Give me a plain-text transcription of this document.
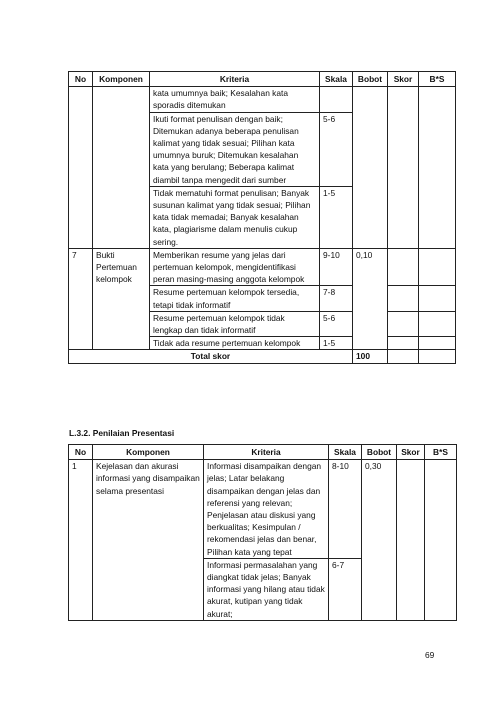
No	Komponen	Kriteria	Skala	Bobot	Skor	B*S
		kata umumnya baik; Kesalahan kata sporadis ditemukan				
		Ikuti format penulisan dengan baik; Ditemukan adanya beberapa penulisan kalimat yang tidak sesuai; Pilihan kata umumnya buruk; Ditemukan kesalahan kata yang berulang; Beberapa kalimat diambil tanpa mengedit dari sumber	5-6			
		Tidak mematuhi format penulisan; Banyak susunan kalimat yang tidak sesuai; Pilihan kata tidak memadai; Banyak kesalahan kata, plagiarisme dalam menulis cukup sering.	1-5			
7	Bukti Pertemuan kelompok	Memberikan resume yang jelas dari pertemuan kelompok, mengidentifikasi peran masing-masing anggota kelompok	9-10	0,10		
		Resume pertemuan kelompok tersedia, tetapi tidak informatif	7-8			
		Resume pertemuan kelompok tidak lengkap dan tidak informatif	5-6			
		Tidak ada resume pertemuan kelompok	1-5			
Total skor				100		
L.3.2. Penilaian Presentasi
No	Komponen	Kriteria	Skala	Bobot	Skor	B*S
1	Kejelasan dan akurasi informasi yang disampaikan selama presentasi	Informasi disampaikan dengan jelas; Latar belakang disampaikan dengan jelas dan referensi yang relevan; Penjelasan atau diskusi yang berkualitas; Kesimpulan / rekomendasi jelas dan benar, Pilihan kata yang tepat	8-10	0,30		
		Informasi permasalahan yang diangkat tidak jelas; Banyak informasi yang hilang atau tidak akurat, kutipan yang tidak akurat;	6-7			
69
